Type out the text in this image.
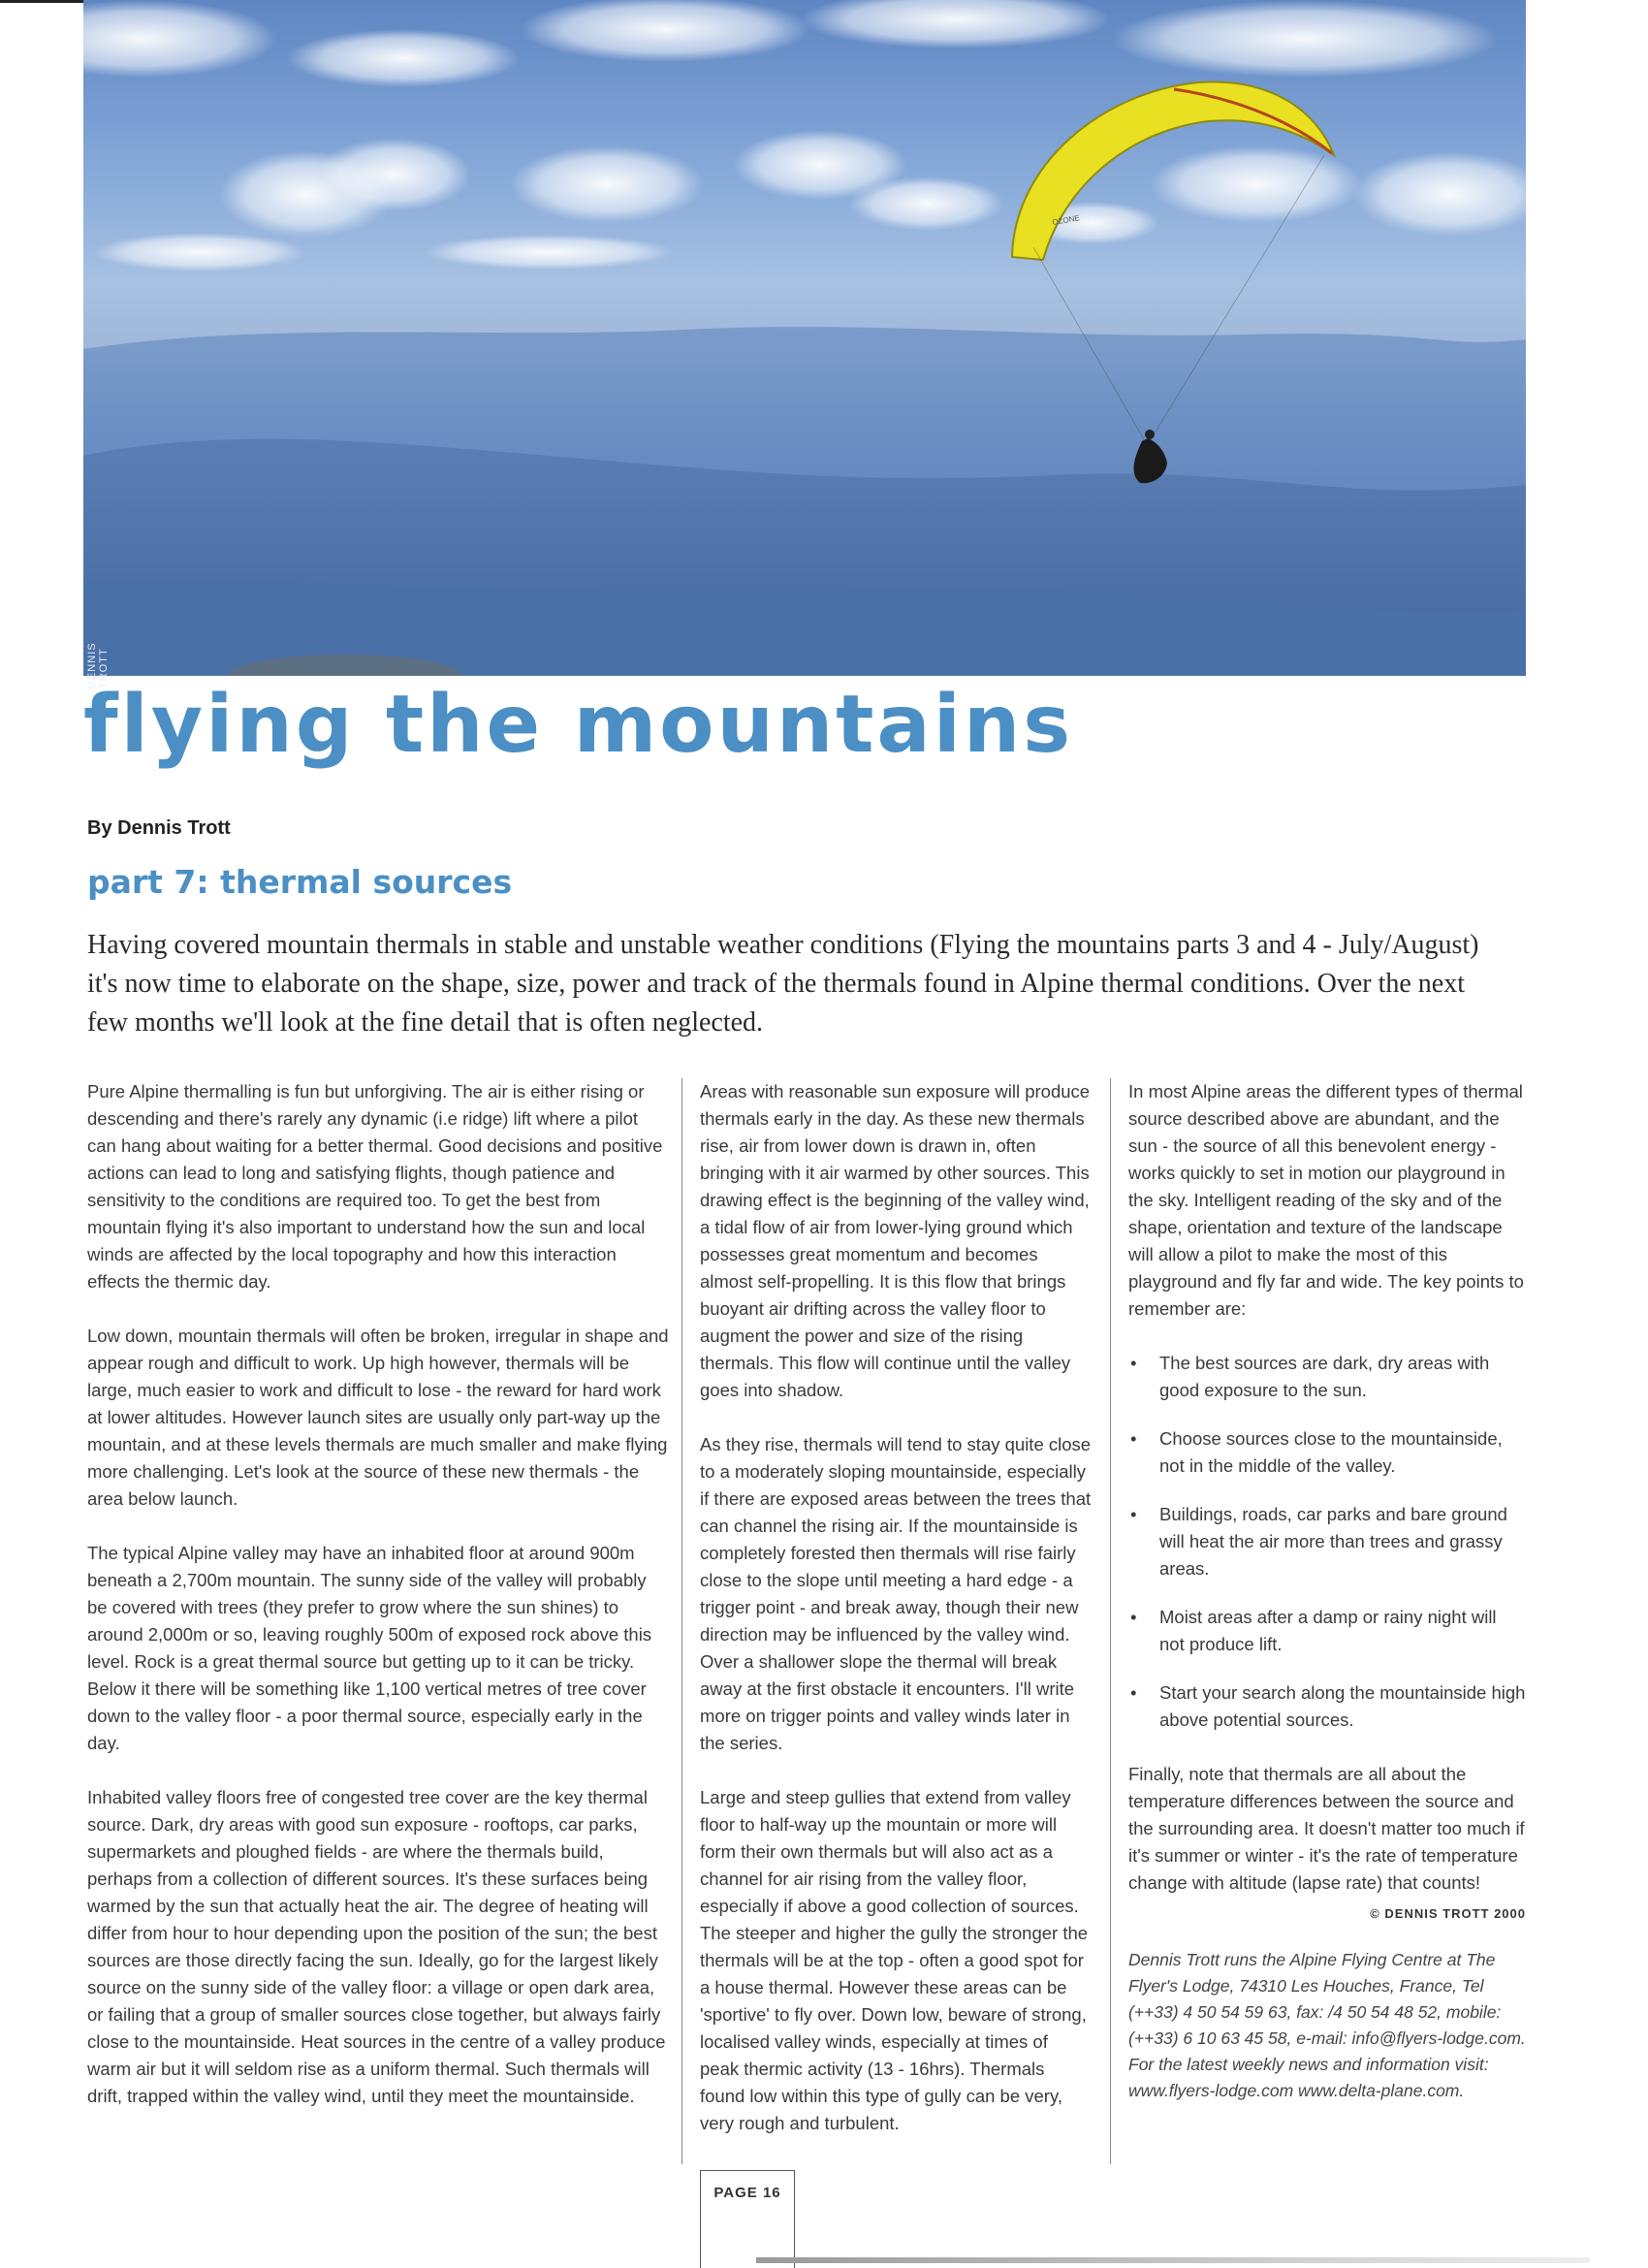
OZONE
DENNIS TROTT
flying the mountains
By Dennis Trott
part 7: thermal sources
Having covered mountain thermals in stable and unstable weather conditions (Flying the mountains parts 3 and 4 - July/August) it's now time to elaborate on the shape, size, power and track of the thermals found in Alpine thermal conditions. Over the next few months we'll look at the fine detail that is often neglected.

Pure Alpine thermalling is fun but unforgiving. The air is either rising or descending and there's rarely any dynamic (i.e ridge) lift where a pilot can hang about waiting for a better thermal. Good decisions and positive actions can lead to long and satisfying flights, though patience and sensitivity to the conditions are required too. To get the best from mountain flying it's also important to understand how the sun and local winds are affected by the local topography and how this interaction effects the thermic day.

Low down, mountain thermals will often be broken, irregular in shape and appear rough and difficult to work. Up high however, thermals will be large, much easier to work and difficult to lose - the reward for hard work at lower altitudes. However launch sites are usually only part-way up the mountain, and at these levels thermals are much smaller and make flying more challenging. Let's look at the source of these new thermals - the area below launch.

The typical Alpine valley may have an inhabited floor at around 900m beneath a 2,700m mountain. The sunny side of the valley will probably be covered with trees (they prefer to grow where the sun shines) to around 2,000m or so, leaving roughly 500m of exposed rock above this level. Rock is a great thermal source but getting up to it can be tricky. Below it there will be something like 1,100 vertical metres of tree cover down to the valley floor - a poor thermal source, especially early in the day.

Inhabited valley floors free of congested tree cover are the key thermal source. Dark, dry areas with good sun exposure - rooftops, car parks, supermarkets and ploughed fields - are where the thermals build, perhaps from a collection of different sources. It's these surfaces being warmed by the sun that actually heat the air. The degree of heating will differ from hour to hour depending upon the position of the sun; the best sources are those directly facing the sun. Ideally, go for the largest likely source on the sunny side of the valley floor: a village or open dark area, or failing that a group of smaller sources close together, but always fairly close to the mountainside. Heat sources in the centre of a valley produce warm air but it will seldom rise as a uniform thermal. Such thermals will drift, trapped within the valley wind, until they meet the mountainside.

Areas with reasonable sun exposure will produce thermals early in the day. As these new thermals rise, air from lower down is drawn in, often bringing with it air warmed by other sources. This drawing effect is the beginning of the valley wind, a tidal flow of air from lower-lying ground which possesses great momentum and becomes almost self-propelling. It is this flow that brings buoyant air drifting across the valley floor to augment the power and size of the rising thermals. This flow will continue until the valley goes into shadow.

As they rise, thermals will tend to stay quite close to a moderately sloping mountainside, especially if there are exposed areas between the trees that can channel the rising air. If the mountainside is completely forested then thermals will rise fairly close to the slope until meeting a hard edge - a trigger point - and break away, though their new direction may be influenced by the valley wind. Over a shallower slope the thermal will break away at the first obstacle it encounters. I'll write more on trigger points and valley winds later in the series.

Large and steep gullies that extend from valley floor to half-way up the mountain or more will form their own thermals but will also act as a channel for air rising from the valley floor, especially if above a good collection of sources. The steeper and higher the gully the stronger the thermals will be at the top - often a good spot for a house thermal. However these areas can be 'sportive' to fly over. Down low, beware of strong, localised valley winds, especially at times of peak thermic activity (13 - 16hrs). Thermals found low within this type of gully can be very, very rough and turbulent.

In most Alpine areas the different types of thermal source described above are abundant, and the sun - the source of all this benevolent energy - works quickly to set in motion our playground in the sky. Intelligent reading of the sky and of the shape, orientation and texture of the landscape will allow a pilot to make the most of this playground and fly far and wide. The key points to remember are:

• The best sources are dark, dry areas with good exposure to the sun.
• Choose sources close to the mountainside, not in the middle of the valley.
• Buildings, roads, car parks and bare ground will heat the air more than trees and grassy areas.
• Moist areas after a damp or rainy night will not produce lift.
• Start your search along the mountainside high above potential sources.

Finally, note that thermals are all about the temperature differences between the source and the surrounding area. It doesn't matter too much if it's summer or winter - it's the rate of temperature change with altitude (lapse rate) that counts!

© DENNIS TROTT 2000

Dennis Trott runs the Alpine Flying Centre at The Flyer's Lodge, 74310 Les Houches, France, Tel (++33) 4 50 54 59 63, fax: /4 50 54 48 52, mobile: (++33) 6 10 63 45 58, e-mail: info@flyers-lodge.com. For the latest weekly news and information visit: www.flyers-lodge.com www.delta-plane.com.

PAGE 16
